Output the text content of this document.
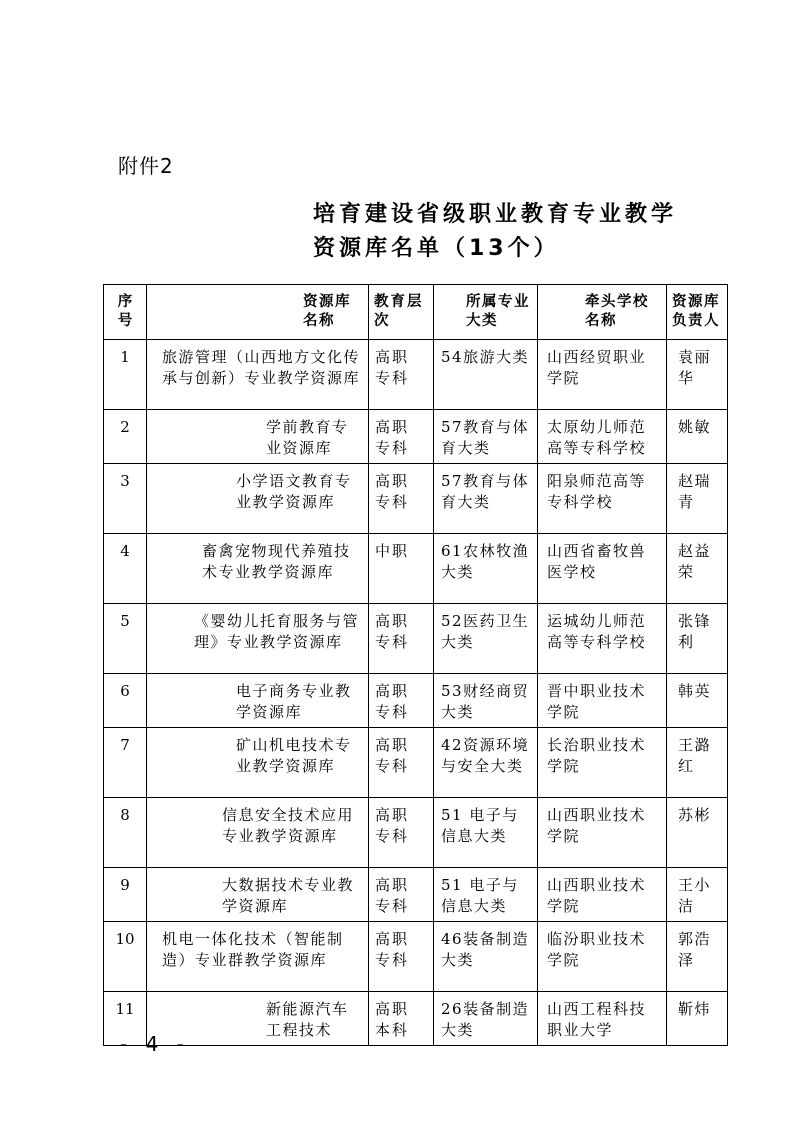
附件2
培育建设省级职业教育专业教学
资源库名单（13个）
序号	资源库名称	教育层次	所属专业大类	牵头学校名称	资源库负责人
1	旅游管理（山西地方文化传承与创新）专业教学资源库	高职专科	54旅游大类	山西经贸职业学院	袁丽华
2	学前教育专业资源库	高职专科	57教育与体育大类	太原幼儿师范高等专科学校	姚敏
3	小学语文教育专业教学资源库	高职专科	57教育与体育大类	阳泉师范高等专科学校	赵瑞青
4	畜禽宠物现代养殖技术专业教学资源库	中职	61农林牧渔大类	山西省畜牧兽医学校	赵益荣
5	《婴幼儿托育服务与管理》专业教学资源库	高职专科	52医药卫生大类	运城幼儿师范高等专科学校	张锋利
6	电子商务专业教学资源库	高职专科	53财经商贸大类	晋中职业技术学院	韩英
7	矿山机电技术专业教学资源库	高职专科	42资源环境与安全大类	长治职业技术学院	王潞红
8	信息安全技术应用专业教学资源库	高职专科	51 电子与信息大类	山西职业技术学院	苏彬
9	大数据技术专业教学资源库	高职专科	51 电子与信息大类	山西职业技术学院	王小洁
10	机电一体化技术（智能制造）专业群教学资源库	高职专科	46装备制造大类	临汾职业技术学院	郭浩泽
11	新能源汽车工程技术	高职本科	26装备制造大类	山西工程科技职业大学	靳炜
- 4 -
